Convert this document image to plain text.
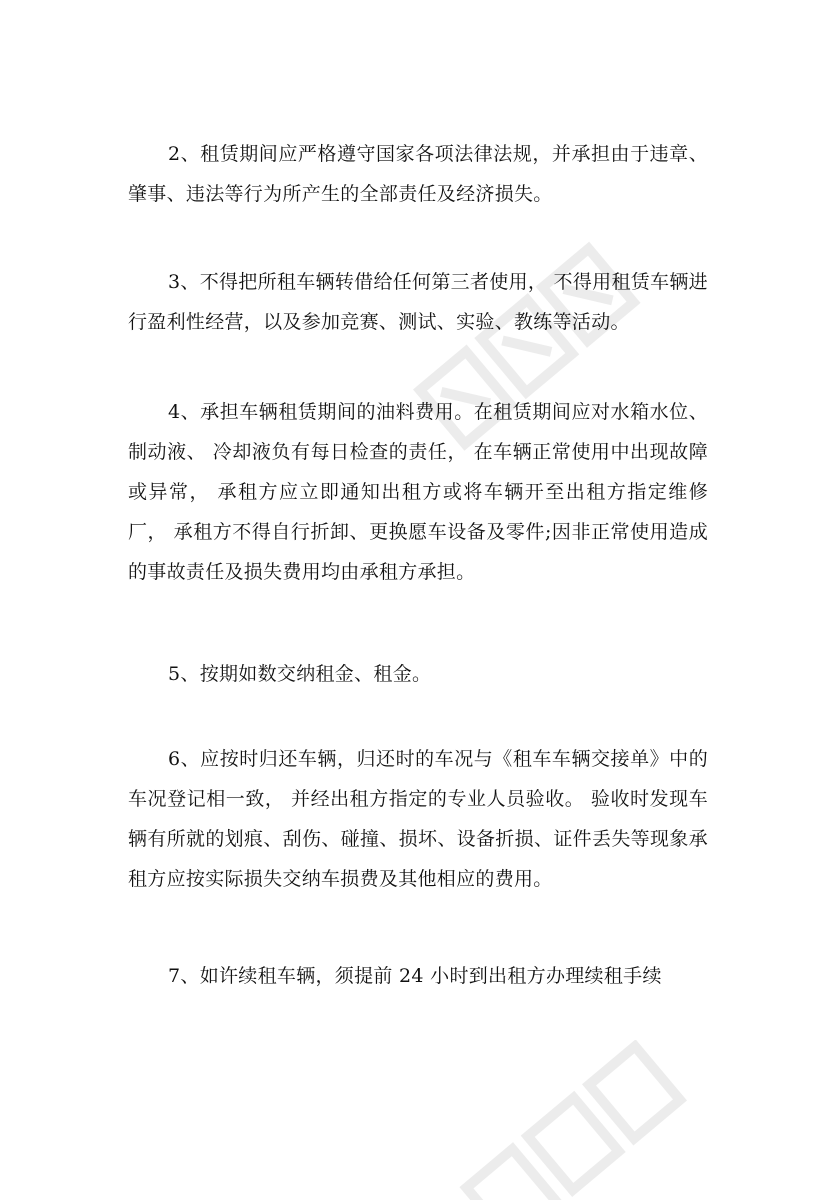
2、租赁期间应严格遵守国家各项法律法规，并承担由于违章、肇事、违法等行为所产生的全部责任及经济损失。

3、不得把所租车辆转借给任何第三者使用， 不得用租赁车辆进行盈利性经营，以及参加竞赛、测试、实验、教练等活动。

4、承担车辆租赁期间的油料费用。在租赁期间应对水箱水位、制动液、 冷却液负有每日检查的责任， 在车辆正常使用中出现故障或异常， 承租方应立即通知出租方或将车辆开至出租方指定维修厂， 承租方不得自行折卸、更换愿车设备及零件;因非正常使用造成的事故责任及损失费用均由承租方承担。

5、按期如数交纳租金、租金。

6、应按时归还车辆，归还时的车况与《租车车辆交接单》中的车况登记相一致， 并经出租方指定的专业人员验收。 验收时发现车辆有所就的划痕、刮伤、碰撞、损坏、设备折损、证件丢失等现象承租方应按实际损失交纳车损费及其他相应的费用。

7、如许续租车辆，须提前 24 小时到出租方办理续租手续
